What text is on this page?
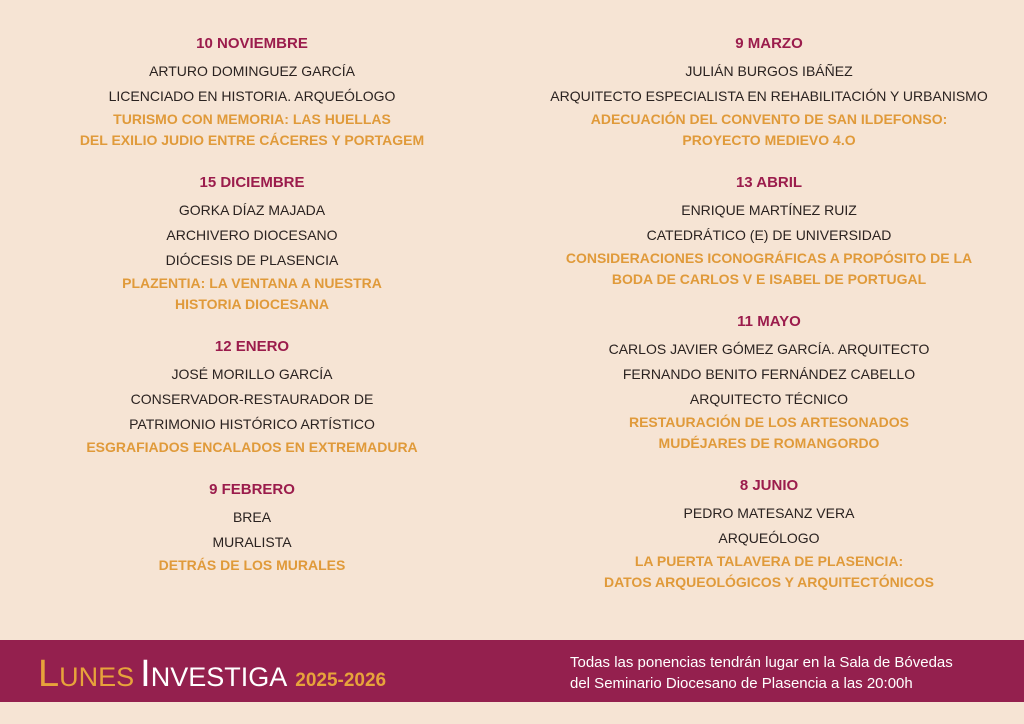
10 NOVIEMBRE
ARTURO DOMINGUEZ GARCÍA
LICENCIADO EN HISTORIA. ARQUEÓLOGO
TURISMO CON MEMORIA: LAS HUELLAS
DEL EXILIO JUDIO ENTRE CÁCERES Y PORTAGEM
15 DICIEMBRE
GORKA DÍAZ MAJADA
ARCHIVERO DIOCESANO
DIÓCESIS DE PLASENCIA
PLAZENTIA: LA VENTANA A NUESTRA
HISTORIA DIOCESANA
12 ENERO
JOSÉ MORILLO GARCÍA
CONSERVADOR-RESTAURADOR DE
PATRIMONIO HISTÓRICO ARTÍSTICO
ESGRAFIADOS ENCALADOS EN EXTREMADURA
9 FEBRERO
BREA
MURALISTA
DETRÁS DE LOS MURALES
9 MARZO
JULIÁN BURGOS IBÁÑEZ
ARQUITECTO ESPECIALISTA EN REHABILITACIÓN Y URBANISMO
ADECUACIÓN DEL CONVENTO DE SAN ILDEFONSO:
PROYECTO MEDIEVO 4.O
13 ABRIL
ENRIQUE MARTÍNEZ RUIZ
CATEDRÁTICO (E) DE UNIVERSIDAD
CONSIDERACIONES ICONOGRÁFICAS A PROPÓSITO DE LA
BODA DE CARLOS V E ISABEL DE PORTUGAL
11 MAYO
CARLOS JAVIER GÓMEZ GARCÍA. ARQUITECTO
FERNANDO BENITO FERNÁNDEZ CABELLO
ARQUITECTO TÉCNICO
RESTAURACIÓN DE LOS ARTESONADOS
MUDÉJARES DE ROMANGORDO
8 JUNIO
PEDRO MATESANZ VERA
ARQUEÓLOGO
LA PUERTA TALAVERA DE PLASENCIA:
DATOS ARQUEOLÓGICOS Y ARQUITECTÓNICOS
Lunes Investiga 2025-2026
Todas las ponencias tendrán lugar en la Sala de Bóvedas
del Seminario Diocesano de Plasencia a las 20:00h
